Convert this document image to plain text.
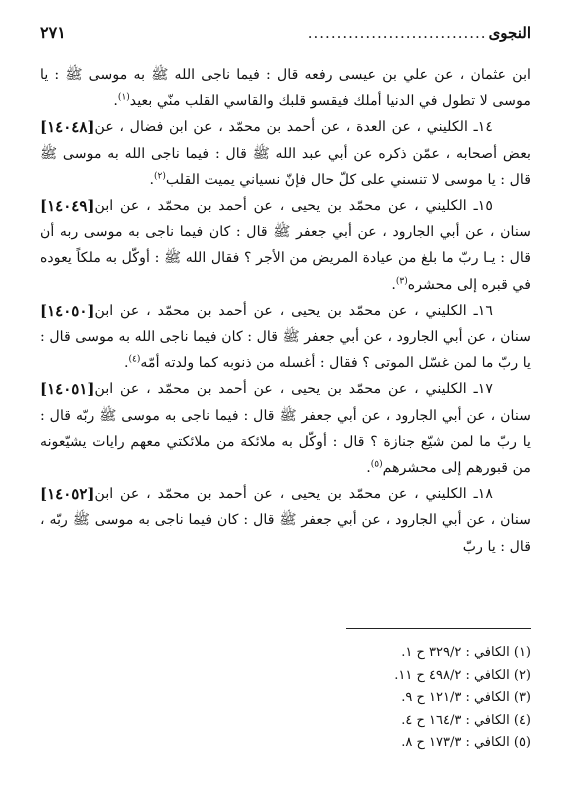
النجوى
...............................
٢٧١

ابن عثمان ، عن علي بن عيسى رفعه قال : فيما ناجى الله ﷺ به موسى ﷺ : يا موسى لا تطول في الدنيا أملك فيقسو قلبك والقاسي القلب منّي بعيد$^{(١)}$.

[١٤٠٤٨] ١٤ـ الكليني ، عن العدة ، عن أحمد بن محمّد ، عن ابن فضال ، عن بعض أصحابه ، عمّن ذكره عن أبي عبد الله ﷺ قال : فيما ناجى الله به موسى ﷺ قال : يا موسى لا تنسني على كلّ حال فإنّ نسياني يميت القلب$^{(٢)}$.

[١٤٠٤٩] ١٥ـ الكليني ، عن محمّد بن يحيى ، عن أحمد بن محمّد ، عن ابن سنان ، عن أبي الجارود ، عن أبي جعفر ﷺ قال : كان فيما ناجى به موسى ربه أن قال : يـا ربّ ما بلغ من عيادة المريض من الأجر ؟ فقال الله ﷺ : أوكّل به ملكاً يعوده في قبره إلى محشره$^{(٣)}$.

[١٤٠٥٠] ١٦ـ الكليني ، عن محمّد بن يحيى ، عن أحمد بن محمّد ، عن ابن سنان ، عن أبي الجارود ، عن أبي جعفر ﷺ قال : كان فيما ناجى الله به موسى قال : يا ربّ ما لمن غسّل الموتى ؟ فقال : أغسله من ذنوبه كما ولدته أمّه$^{(٤)}$.

[١٤٠٥١] ١٧ـ الكليني ، عن محمّد بن يحيى ، عن أحمد بن محمّد ، عن ابن سنان ، عن أبي الجارود ، عن أبي جعفر ﷺ قال : فيما ناجى به موسى ﷺ ربّه قال : يا ربّ ما لمن شيّع جنازة ؟ قال : أوكّل به ملائكة من ملائكتي معهم رايات يشيّعونه من قبورهم إلى محشرهم$^{(٥)}$.

[١٤٠٥٢] ١٨ـ الكليني ، عن محمّد بن يحيى ، عن أحمد بن محمّد ، عن ابن سنان ، عن أبي الجارود ، عن أبي جعفر ﷺ قال : كان فيما ناجى به موسى ﷺ ربّه ، قال : يا ربّ

(١) الكافي : ٣٢٩/٢ ح ١.
(٢) الكافي : ٤٩٨/٢ ح ١١.
(٣) الكافي : ١٢١/٣ ح ٩.
(٤) الكافي : ١٦٤/٣ ح ٤.
(٥) الكافي : ١٧٣/٣ ح ٨.
